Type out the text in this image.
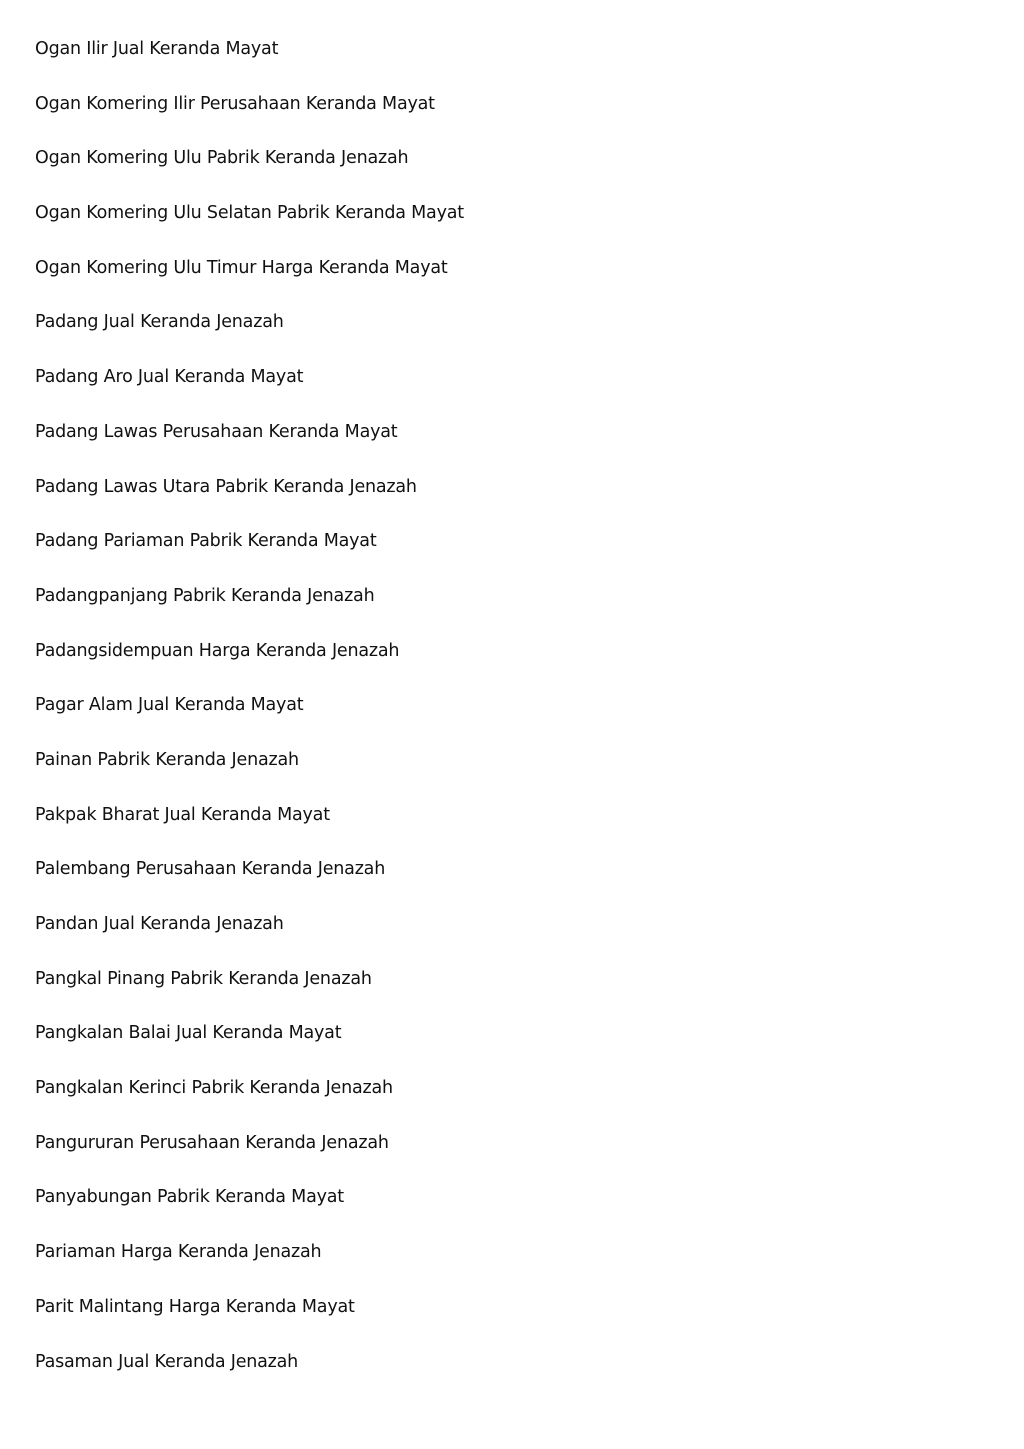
Ogan Ilir Jual Keranda Mayat
Ogan Komering Ilir Perusahaan Keranda Mayat
Ogan Komering Ulu Pabrik Keranda Jenazah
Ogan Komering Ulu Selatan Pabrik Keranda Mayat
Ogan Komering Ulu Timur Harga Keranda Mayat
Padang Jual Keranda Jenazah
Padang Aro Jual Keranda Mayat
Padang Lawas Perusahaan Keranda Mayat
Padang Lawas Utara Pabrik Keranda Jenazah
Padang Pariaman Pabrik Keranda Mayat
Padangpanjang Pabrik Keranda Jenazah
Padangsidempuan Harga Keranda Jenazah
Pagar Alam Jual Keranda Mayat
Painan Pabrik Keranda Jenazah
Pakpak Bharat Jual Keranda Mayat
Palembang Perusahaan Keranda Jenazah
Pandan Jual Keranda Jenazah
Pangkal Pinang Pabrik Keranda Jenazah
Pangkalan Balai Jual Keranda Mayat
Pangkalan Kerinci Pabrik Keranda Jenazah
Pangururan Perusahaan Keranda Jenazah
Panyabungan Pabrik Keranda Mayat
Pariaman Harga Keranda Jenazah
Parit Malintang Harga Keranda Mayat
Pasaman Jual Keranda Jenazah
